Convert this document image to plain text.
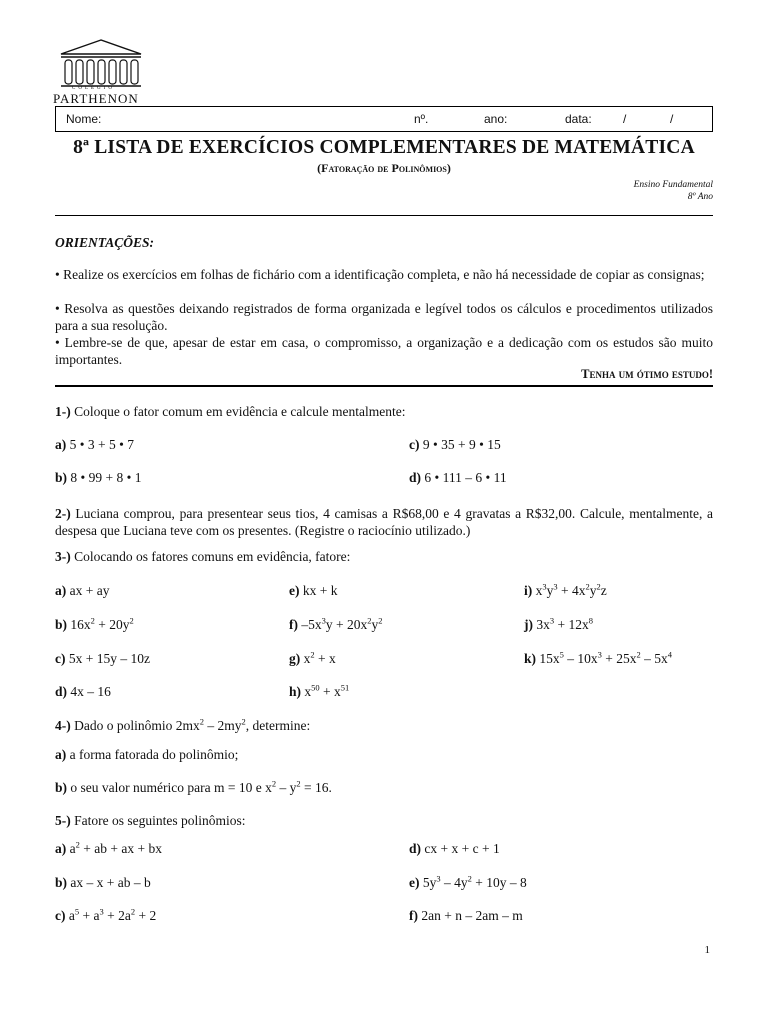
COLÉGIO
PARTHENON
Nome:	nº.	ano:	data:	/	/
8ª LISTA DE EXERCÍCIOS COMPLEMENTARES DE MATEMÁTICA
(Fatoração de Polinômios)
Ensino Fundamental
8º Ano
ORIENTAÇÕES:
• Realize os exercícios em folhas de fichário com a identificação completa, e não há necessidade de copiar as consignas;
• Resolva as questões deixando registrados de forma organizada e legível todos os cálculos e procedimentos utilizados para a sua resolução.
• Lembre-se de que, apesar de estar em casa, o compromisso, a organização e a dedicação com os estudos são muito importantes.
Tenha um ótimo estudo!
1-) Coloque o fator comum em evidência e calcule mentalmente:
a) 5 • 3 + 5 • 7	c) 9 • 35 + 9 • 15
b) 8 • 99 + 8 • 1	d) 6 • 111 – 6 • 11
2-) Luciana comprou, para presentear seus tios, 4 camisas a R$68,00 e 4 gravatas a R$32,00. Calcule, mentalmente, a despesa que Luciana teve com os presentes. (Registre o raciocínio utilizado.)
3-) Colocando os fatores comuns em evidência, fatore:
a) ax + ay	e) kx + k	i) $x^3y^3 + 4x^2y^2z$
b) $16x^2 + 20y^2$	f) $-5x^3y + 20x^2y^2$	j) $3x^3 + 12x^8$
c) 5x + 15y – 10z	g) $x^2 + x$	k) $15x^5 - 10x^3 + 25x^2 - 5x^4$
d) 4x – 16	h) $x^{50} + x^{51}$
4-) Dado o polinômio $2mx^2 - 2my^2$, determine:
a) a forma fatorada do polinômio;
b) o seu valor numérico para m = 10 e $x^2 - y^2 = 16$.
5-) Fatore os seguintes polinômios:
a) $a^2$ + ab + ax + bx	d) cx + x + c + 1
b) ax – x + ab – b	e) $5y^3 - 4y^2 + 10y - 8$
c) $a^5 + a^3 + 2a^2 + 2$	f) 2an + n – 2am – m
1
